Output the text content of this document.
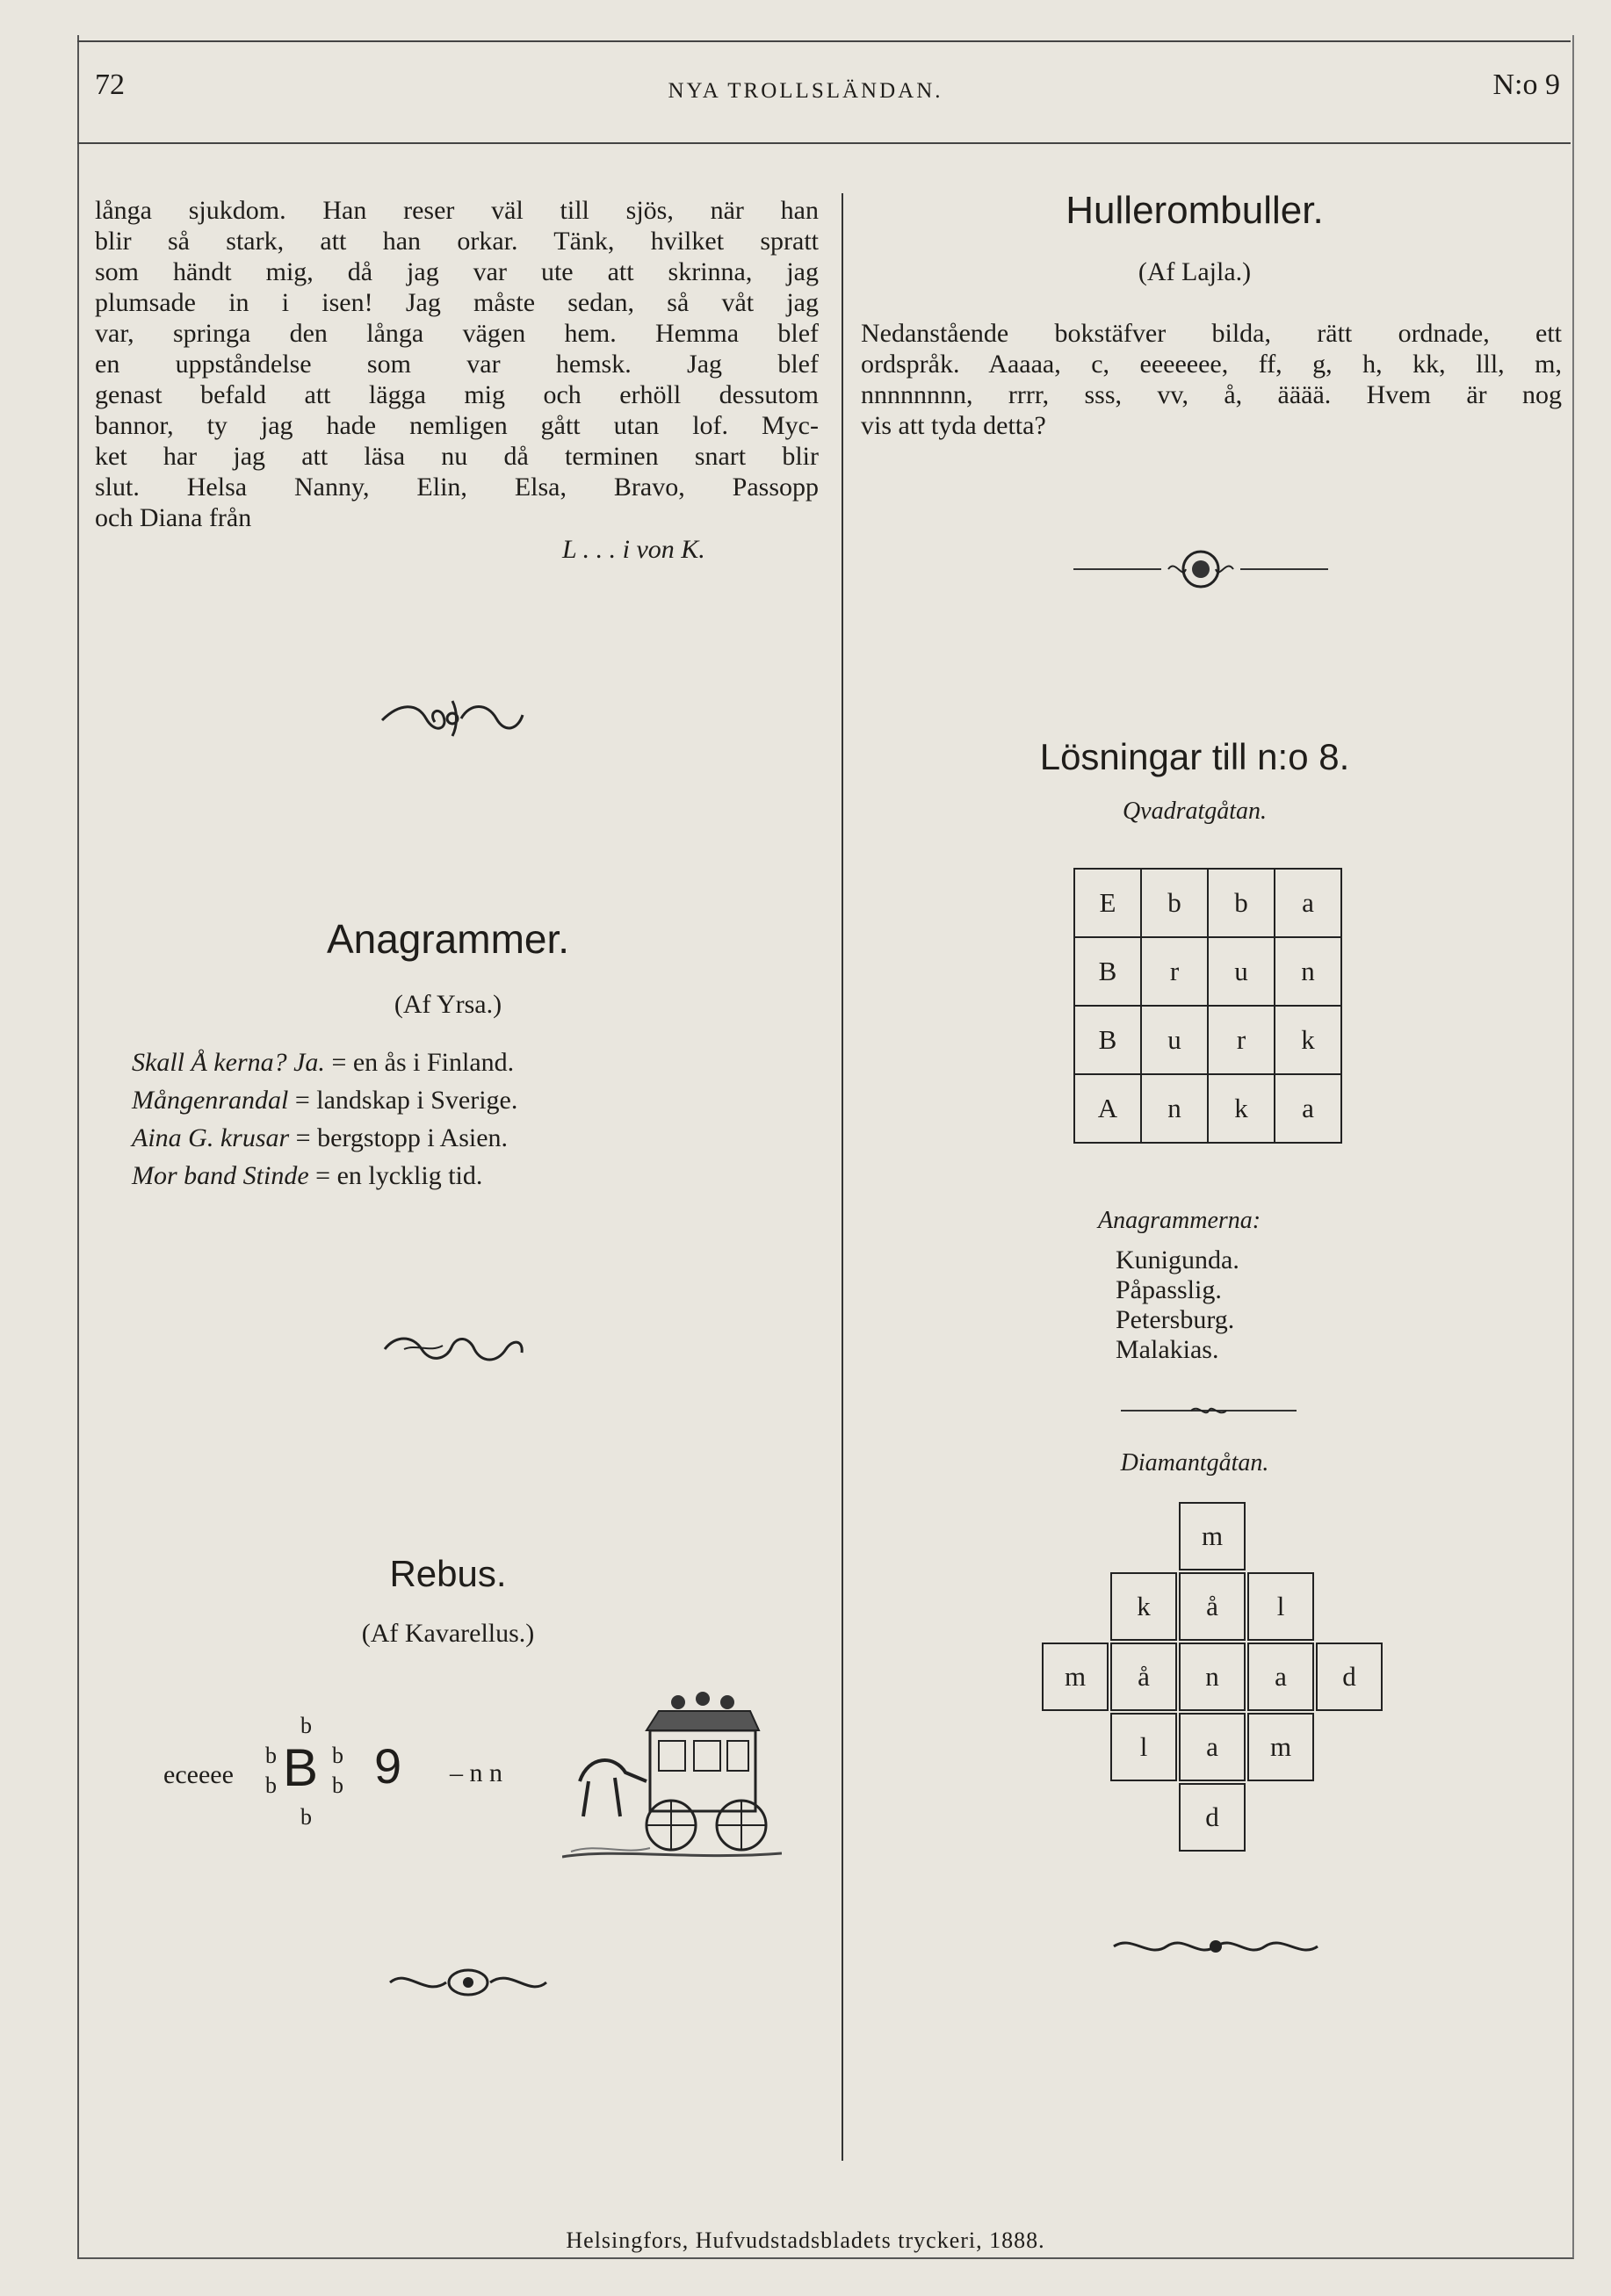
72	NYA TROLLSLÄNDAN.	N:o 9

långa sjukdom. Han reser väl till sjös, när han

blir så stark, att han orkar. Tänk, hvilket spratt

som händt mig, då jag var ute att skrinna, jag

plumsade in i isen! Jag måste sedan, så våt jag

var, springa den långa vägen hem. Hemma blef

en uppståndelse som var hemsk. Jag blef

genast befald att lägga mig och erhöll dessutom

bannor, ty jag hade nemligen gått utan lof. Myc-

ket har jag att läsa nu då terminen snart blir

slut. Helsa Nanny, Elin, Elsa, Bravo, Passopp

och Diana från

L . . . i von K.
Anagrammer.
(Af Yrsa.)
Skall Å kerna? Ja. = en ås i Finland.
Mångenrandal = landskap i Sverige.
Aina G. krusar = bergstopp i Asien.
Mor band Stinde = en lycklig tid.
Rebus.
(Af Kavarellus.)
eceeee
b
b
b B b
b
b
9 – n n
Hullerombuller.
(Af Lajla.)

Nedanstående bokstäfver bilda, rätt ordnade, ett

ordspråk. Aaaaa, c, eeeeeee, ff, g, h, kk, lll, m,

nnnnnnnn, rrrr, sss, vv, å, ääää. Hvem är nog

vis att tyda detta?

Lösningar till n:o 8.
Qvadratgåtan.
E	b	b	a
B	r	u	n
B	u	r	k
A	n	k	a
Anagrammerna:
Kunigunda.
Påpasslig.
Petersburg.
Malakias.
Diamantgåtan.
m
k	å	l
m	å	n	a	d
l	a	m
d
Helsingfors, Hufvudstadsbladets tryckeri, 1888.
